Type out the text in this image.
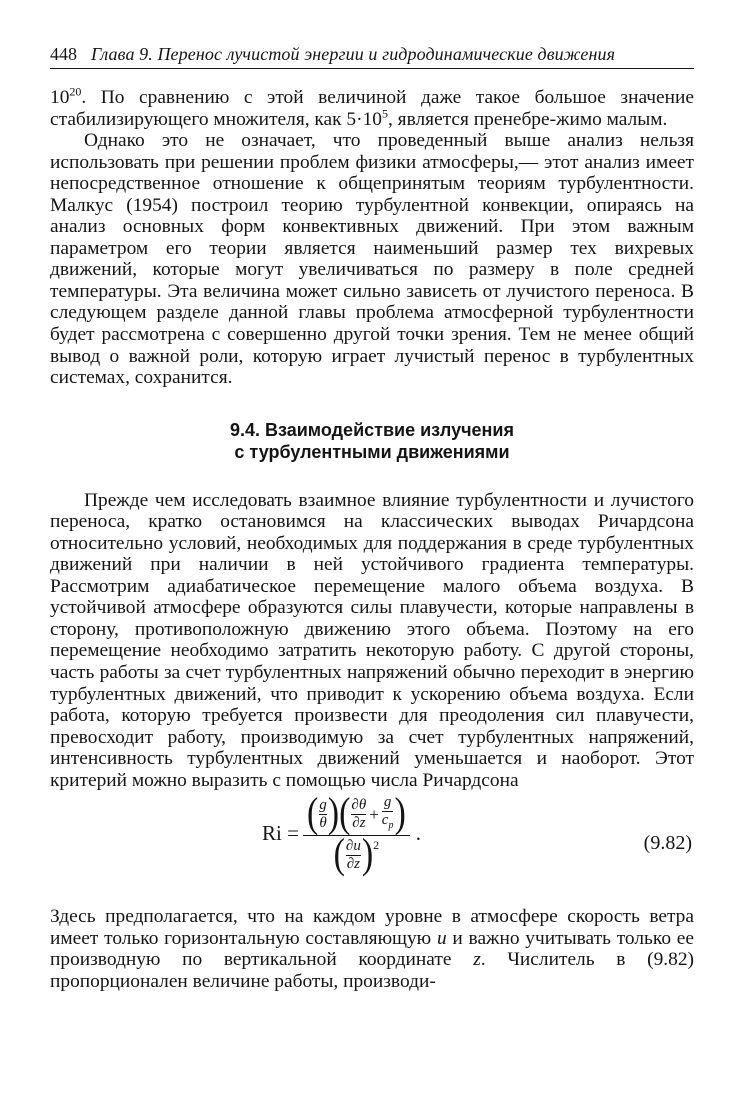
448 Глава 9. Перенос лучистой энергии и гидродинамические движения

$10^{20}$. По сравнению с этой величиной даже такое большое значение стабилизирующего множителя, как $5\cdot 10^5$, является пренебре-жимо малым.

Однако это не означает, что проведенный выше анализ нельзя использовать при решении проблем физики атмосферы,— этот анализ имеет непосредственное отношение к общепринятым теориям турбулентности. Малкус (1954) построил теорию турбулентной конвекции, опираясь на анализ основных форм конвективных движений. При этом важным параметром его теории является наименьший размер тех вихревых движений, которые могут увеличиваться по размеру в поле средней температуры. Эта величина может сильно зависеть от лучистого переноса. В следующем разделе данной главы проблема атмосферной турбулентности будет рассмотрена с совершенно другой точки зрения. Тем не менее общий вывод о важной роли, которую играет лучистый перенос в турбулентных системах, сохранится.

9.4. Взаимодействие излучения
с турбулентными движениями

Прежде чем исследовать взаимное влияние турбулентности и лучистого переноса, кратко остановимся на классических выводах Ричардсона относительно условий, необходимых для поддержания в среде турбулентных движений при наличии в ней устойчивого градиента температуры. Рассмотрим адиабатическое перемещение малого объема воздуха. В устойчивой атмосфере образуются силы плавучести, которые направлены в сторону, противоположную движению этого объема. Поэтому на его перемещение необходимо затратить некоторую работу. С другой стороны, часть работы за счет турбулентных напряжений обычно переходит в энергию турбулентных движений, что приводит к ускорению объема воздуха. Если работа, которую требуется произвести для преодоления сил плавучести, превосходит работу, производимую за счет турбулентных напряжений, интенсивность турбулентных движений уменьшается и наоборот. Этот критерий можно выразить с помощью числа Ричардсона

Ri = ( $\frac{g}{\theta}$ ) ( $\frac{\partial\theta}{\partial z} + \frac{g}{c_p}$ )
( $\frac{\partial u}{\partial z}$ ) 2 .	(9.82)

Здесь предполагается, что на каждом уровне в атмосфере скорость ветра имеет только горизонтальную составляющую u и важно учитывать только ее производную по вертикальной координате z. Числитель в (9.82) пропорционален величине работы, производи-
